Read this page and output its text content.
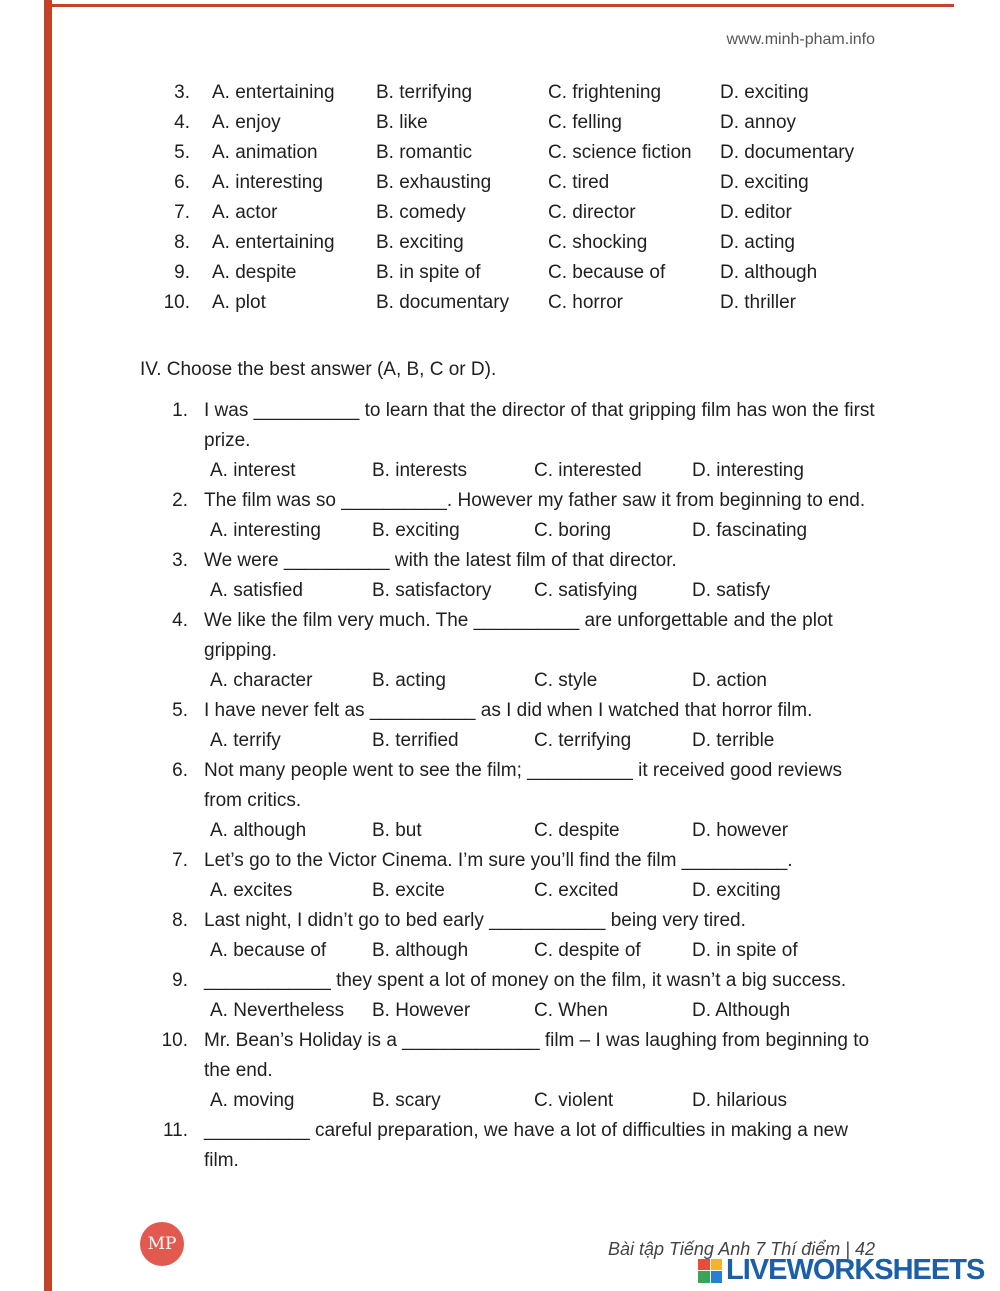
www.minh-pham.info
3. A. entertaining	B. terrifying	C. frightening	D. exciting
4. A. enjoy	B. like	C. felling	D. annoy
5. A. animation	B. romantic	C. science fiction	D. documentary
6. A. interesting	B. exhausting	C. tired	D. exciting
7. A. actor	B. comedy	C. director	D. editor
8. A. entertaining	B. exciting	C. shocking	D. acting
9. A. despite	B. in spite of	C. because of	D. although
10. A. plot	B. documentary	C. horror	D. thriller
IV. Choose the best answer (A, B, C or D).
1. I was __________ to learn that the director of that gripping film has won the first prize.
A. interest	B. interests	C. interested	D. interesting
2. The film was so __________. However my father saw it from beginning to end.
A. interesting	B. exciting	C. boring	D. fascinating
3. We were __________ with the latest film of that director.
A. satisfied	B. satisfactory	C. satisfying	D. satisfy
4. We like the film very much. The __________ are unforgettable and the plot gripping.
A. character	B. acting	C. style	D. action
5. I have never felt as __________ as I did when I watched that horror film.
A. terrify	B. terrified	C. terrifying	D. terrible
6. Not many people went to see the film; __________ it received good reviews from critics.
A. although	B. but	C. despite	D. however
7. Let’s go to the Victor Cinema. I’m sure you’ll find the film __________.
A. excites	B. excite	C. excited	D. exciting
8. Last night, I didn’t go to bed early ___________ being very tired.
A. because of	B. although	C. despite of	D. in spite of
9. ____________ they spent a lot of money on the film, it wasn’t a big success.
A. Nevertheless	B. However	C. When	D. Although
10. Mr. Bean’s Holiday is a _____________ film – I was laughing from beginning to the end.
A. moving	B. scary	C. violent	D. hilarious
11. __________ careful preparation, we have a lot of difficulties in making a new film.
MP	Bài tập Tiếng Anh 7 Thí điểm | 42
LIVEWORKSHEETS
